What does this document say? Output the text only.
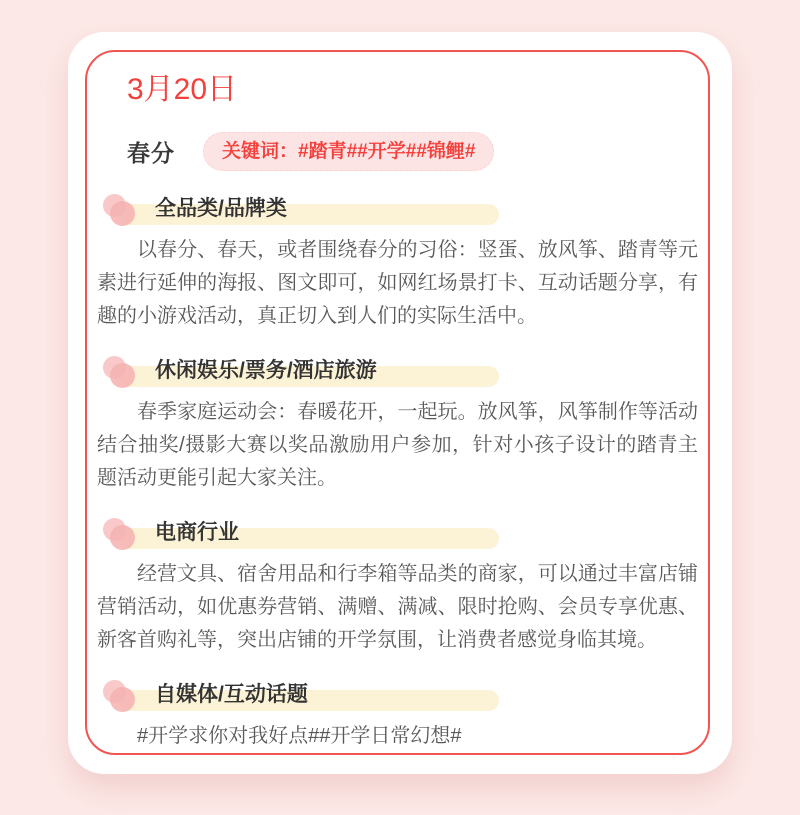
3月20日
春分	关键词：#踏青##开学##锦鲤#
全品类/品牌类

以春分、春天，或者围绕春分的习俗：竖蛋、放风筝、踏青等元素进行延伸的海报、图文即可，如网红场景打卡、互动话题分享，有趣的小游戏活动，真正切入到人们的实际生活中。

休闲娱乐/票务/酒店旅游

春季家庭运动会：春暖花开，一起玩。放风筝，风筝制作等活动结合抽奖/摄影大赛以奖品激励用户参加，针对小孩子设计的踏青主题活动更能引起大家关注。

电商行业

经营文具、宿舍用品和行李箱等品类的商家，可以通过丰富店铺营销活动，如优惠券营销、满赠、满减、限时抢购、会员专享优惠、新客首购礼等，突出店铺的开学氛围，让消费者感觉身临其境。

自媒体/互动话题

#开学求你对我好点##开学日常幻想#
